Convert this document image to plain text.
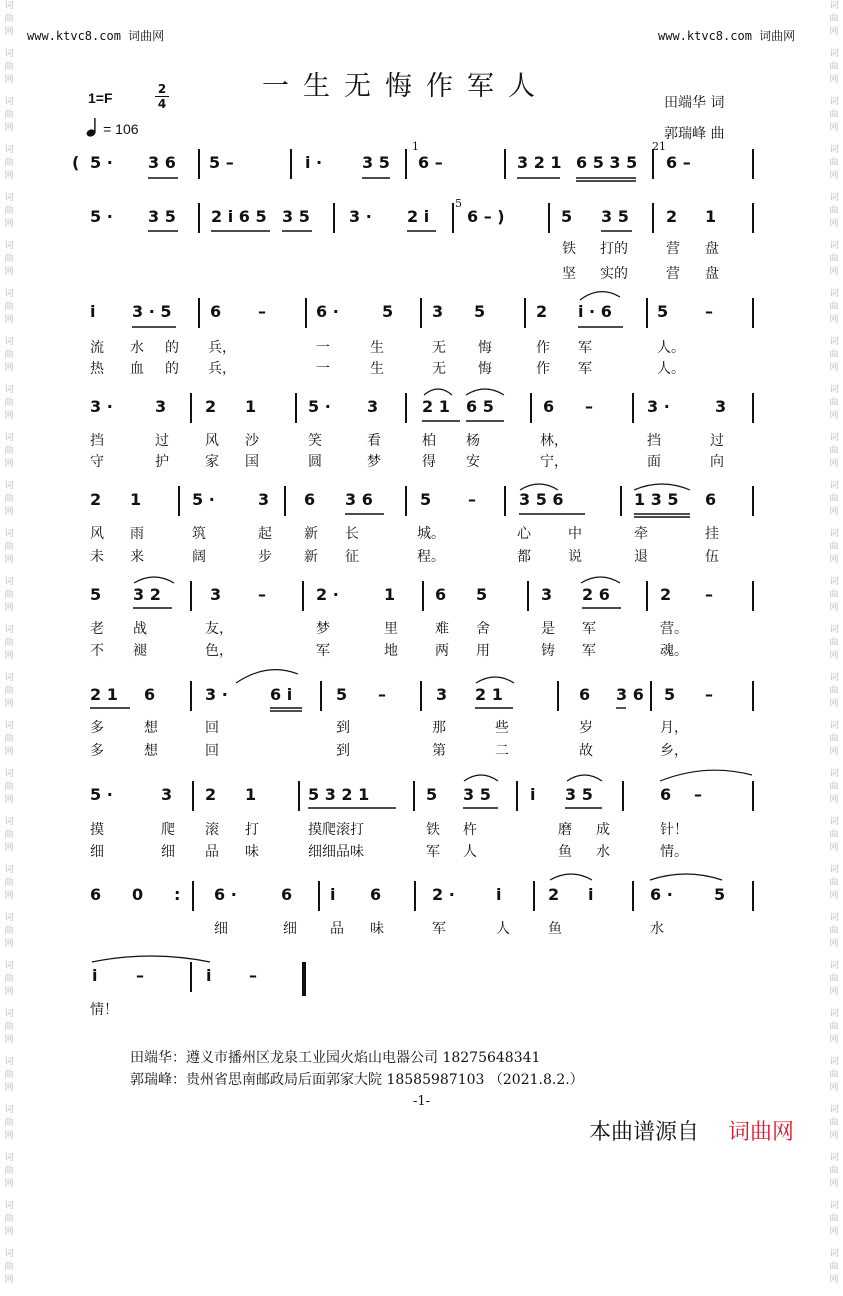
词
曲
网
词
曲
网
词
曲
网
词
曲
网
词
曲
网
词
曲
网
词
曲
网
词
曲
网
词
曲
网
词
曲
网
词
曲
网
词
曲
网
词
曲
网
词
曲
网
词
曲
网
词
曲
网
词
曲
网
词
曲
网
词
曲
网
词
曲
网
词
曲
网
词
曲
网
词
曲
网
词
曲
网
词
曲
网
词
曲
网
词
曲
网
词
曲
网
词
曲
网
词
曲
网
词
曲
网
词
曲
网
词
曲
网
词
曲
网
词
曲
网
词
曲
网
词
曲
网
词
曲
网
词
曲
网
词
曲
网
词
曲
网
词
曲
网
词
曲
网
词
曲
网
词
曲
网
词
曲
网
词
曲
网
词
曲
网
词
曲
网
词
曲
网
词
曲
网
词
曲
网
词
曲
网
词
曲
网
www.ktvc8.com 词曲网	www.ktvc8.com 词曲网
一生无悔作军人
1=F
2
4
= 106
田端华 词
郭瑞峰 曲
( 5 · 3 6 5 –	i · 3 5 6 –	3 2 1 6 5 3 5 6 –
5 · 3 5 2 i 6 5 3 5 3 · 2 i 6 – )	5 3 5 2 1
铁 打的	营 盘
坚 实的	营 盘
i 3 · 5 6 –	6 ·	5 3 5	2 i · 6	5 –
流 水 的 兵，	一	生	无 悔	作 军	人。
热 血 的 兵，	一	生	无 悔	作 军	人。
3 ·	3 2 1	5 · 3	2 1 6 5	6 –	3 ·	3
挡	过	风 沙	笑	看	柏 杨	林，	挡	过
守	护	家 国	圆	梦	得 安	宁，	面	向
2 1	5 ·	3 6 3 6	5 –	3 5 6	1 3 5 6
风 雨	筑	起 新 长	城。	心	中	牵	挂
未 来	阔	步 新 征	程。	都	说	退	伍
5 3 2	3 –	2 ·	1 6 5	3 2 6	2 –
老 战	友，	梦	里	难 舍	是 军	营。
不 褪	色，	军	地	两 用	铸 军	魂。
2 1 6	3 ·	6 i	5 –	3 2 1	6 3 6 5 –
多	想	回	到	那	些	岁	月，
多	想	回	到	第	二	故	乡，
5 ·	3 2 1	5 3 2 1	5 3 5 i 3 5	6 –
摸	爬 滚 打	摸爬滚打	铁 杵	磨 成	针！
细	细 品 味	细细品味	军 人	鱼 水	情。
6 0 : 6 ·	6 i 6	2 ·	i	2 i	6 ·	5
细	细 品 味	军	人	鱼	水
i –	i –
情！
田端华：遵义市播州区龙泉工业园火焰山电器公司 18275648341
郭瑞峰：贵州省思南邮政局后面郭家大院 18585987103 （2021.8.2.）
-1-
本曲谱源自 词曲网
1	21
5
